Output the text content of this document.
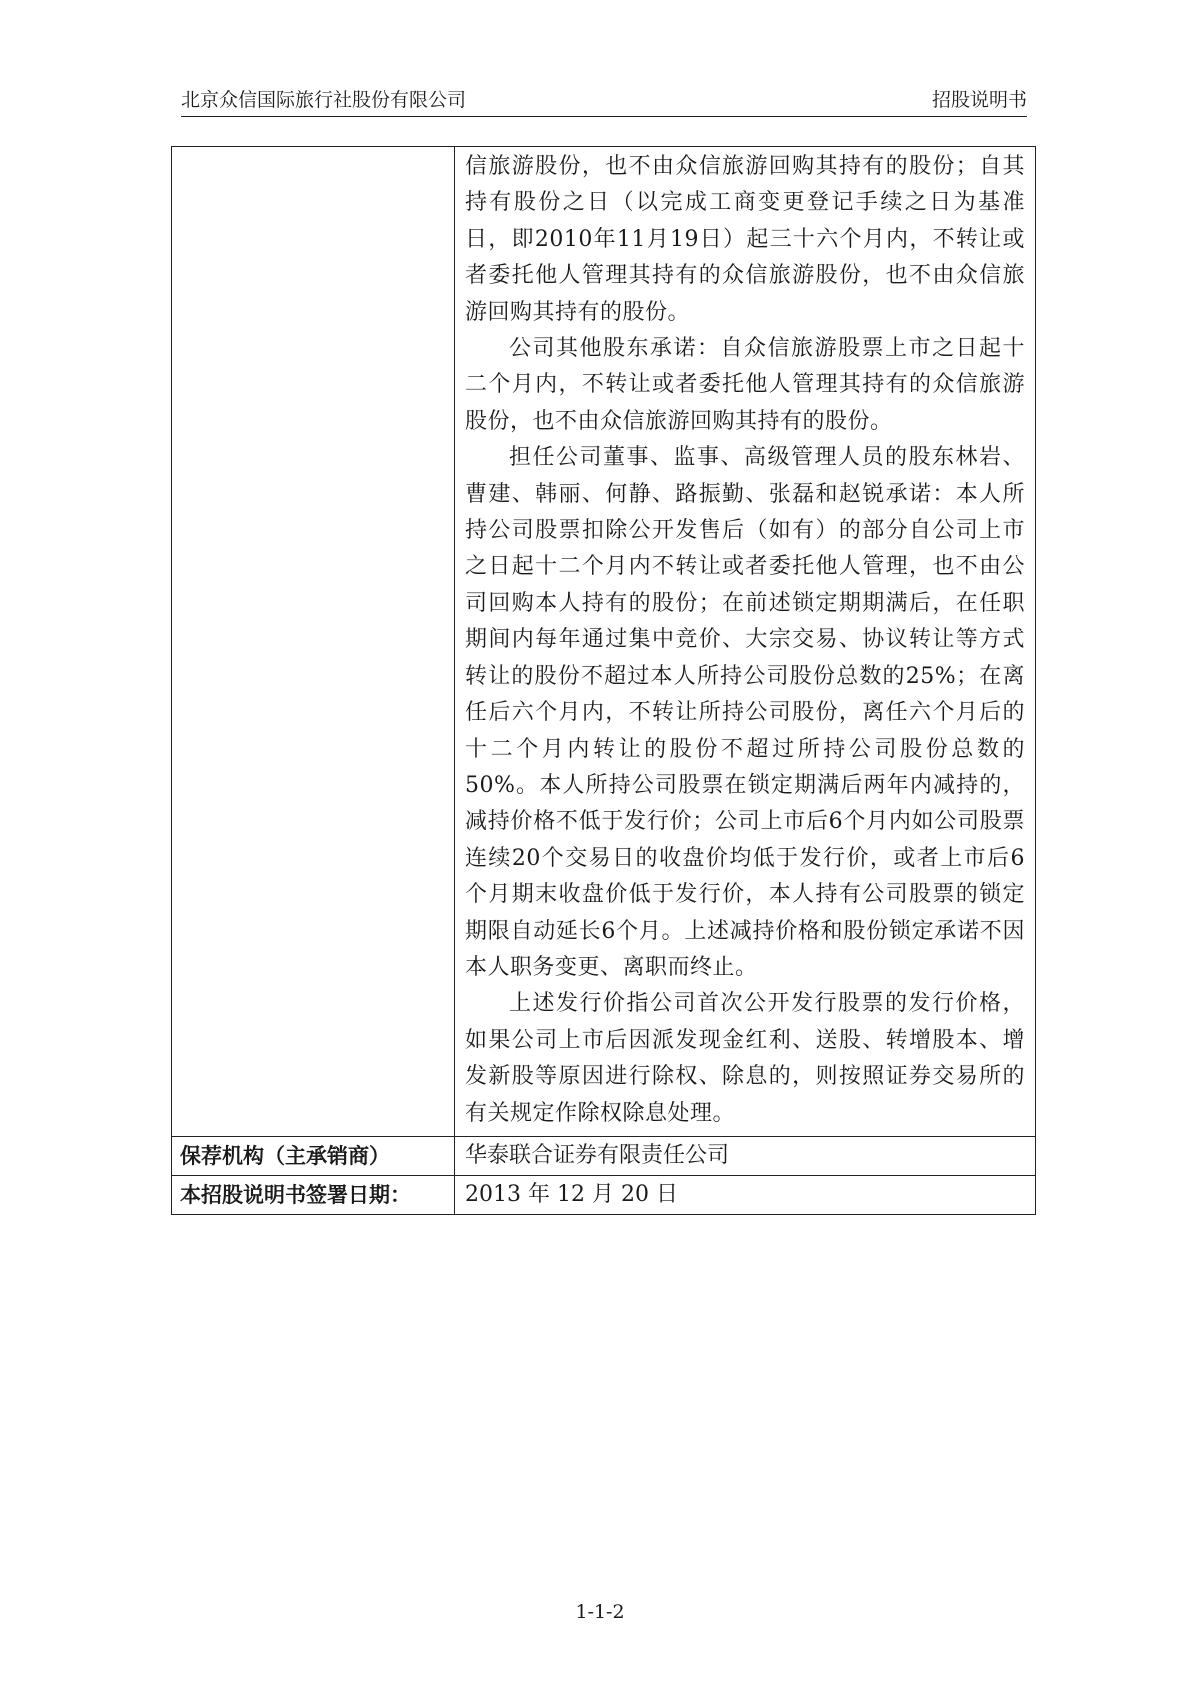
北京众信国际旅行社股份有限公司	招股说明书

	信旅游股份，也不由众信旅游回购其持有的股份；自其持有股份之日（以完成工商变更登记手续之日为基准日，即2010年11月19日）起三十六个月内，不转让或者委托他人管理其持有的众信旅游股份，也不由众信旅游回购其持有的股份。

公司其他股东承诺：自众信旅游股票上市之日起十二个月内，不转让或者委托他人管理其持有的众信旅游股份，也不由众信旅游回购其持有的股份。

担任公司董事、监事、高级管理人员的股东林岩、曹建、韩丽、何静、路振勤、张磊和赵锐承诺：本人所持公司股票扣除公开发售后（如有）的部分自公司上市之日起十二个月内不转让或者委托他人管理，也不由公司回购本人持有的股份；在前述锁定期期满后，在任职期间内每年通过集中竞价、大宗交易、协议转让等方式转让的股份不超过本人所持公司股份总数的25%；在离任后六个月内，不转让所持公司股份，离任六个月后的十二个月内转让的股份不超过所持公司股份总数的50%。本人所持公司股票在锁定期满后两年内减持的，减持价格不低于发行价；公司上市后6个月内如公司股票连续20个交易日的收盘价均低于发行价，或者上市后6个月期末收盘价低于发行价，本人持有公司股票的锁定期限自动延长6个月。上述减持价格和股份锁定承诺不因本人职务变更、离职而终止。

上述发行价指公司首次公开发行股票的发行价格，如果公司上市后因派发现金红利、送股、转增股本、增发新股等原因进行除权、除息的，则按照证券交易所的有关规定作除权除息处理。

保荐机构（主承销商）	华泰联合证券有限责任公司
本招股说明书签署日期：	2013 年 12 月 20 日
1-1-2
